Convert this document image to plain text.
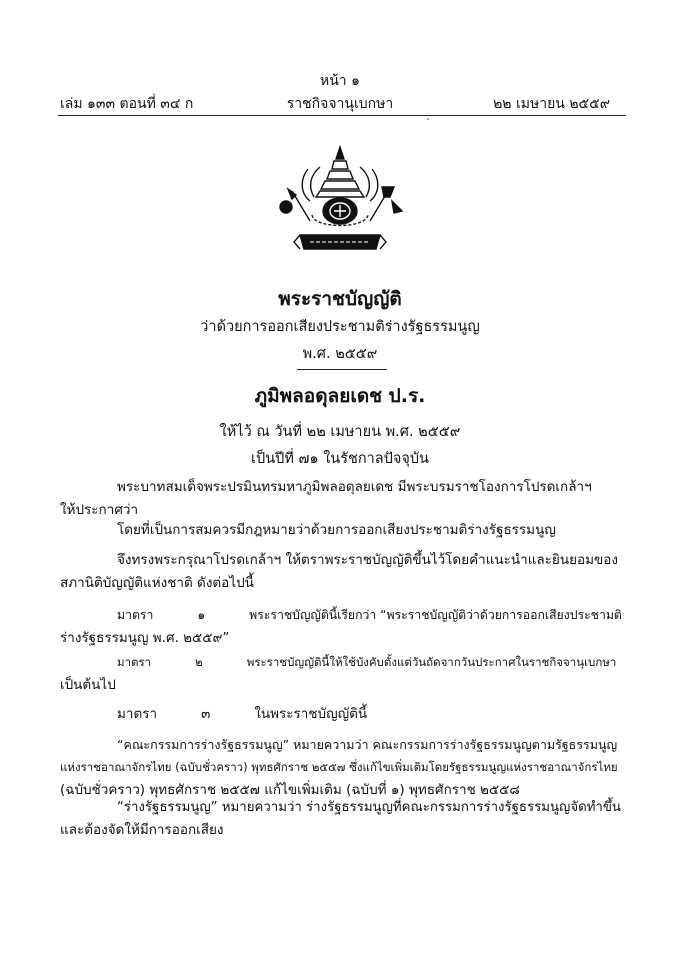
หน้า ๑
เล่ม ๑๓๓ ตอนที่ ๓๔ ก	ราชกิจจานุเบกษา	๒๒ เมษายน ๒๕๕๙
`
พระราชบัญญัติ
ว่าด้วยการออกเสียงประชามติร่างรัฐธรรมนูญ
พ.ศ. ๒๕๕๙
ภูมิพลอดุลยเดช ป.ร.
ให้ไว้ ณ วันที่ ๒๒ เมษายน พ.ศ. ๒๕๕๙
เป็นปีที่ ๗๑ ในรัชกาลปัจจุบัน
พระบาทสมเด็จพระปรมินทรมหาภูมิพลอดุลยเดช มีพระบรมราชโองการโปรดเกล้าฯ
ให้ประกาศว่า
โดยที่เป็นการสมควรมีกฎหมายว่าด้วยการออกเสียงประชามติร่างรัฐธรรมนูญ
จึงทรงพระกรุณาโปรดเกล้าฯ ให้ตราพระราชบัญญัติขึ้นไว้โดยคำแนะนำและยินยอมของ
สภานิติบัญญัติแห่งชาติ ดังต่อไปนี้
มาตรา	๑	พระราชบัญญัตินี้เรียกว่า “พระราชบัญญัติว่าด้วยการออกเสียงประชามติ
ร่างรัฐธรรมนูญ พ.ศ. ๒๕๕๙”
มาตรา	๒	พระราชบัญญัตินี้ให้ใช้บังคับตั้งแต่วันถัดจากวันประกาศในราชกิจจานุเบกษา
เป็นต้นไป
มาตรา	๓	ในพระราชบัญญัตินี้
“คณะกรรมการร่างรัฐธรรมนูญ” หมายความว่า คณะกรรมการร่างรัฐธรรมนูญตามรัฐธรรมนูญ
แห่งราชอาณาจักรไทย (ฉบับชั่วคราว) พุทธศักราช ๒๕๕๗ ซึ่งแก้ไขเพิ่มเติมโดยรัฐธรรมนูญแห่งราชอาณาจักรไทย
(ฉบับชั่วคราว) พุทธศักราช ๒๕๕๗ แก้ไขเพิ่มเติม (ฉบับที่ ๑) พุทธศักราช ๒๕๕๘
“ร่างรัฐธรรมนูญ” หมายความว่า ร่างรัฐธรรมนูญที่คณะกรรมการร่างรัฐธรรมนูญจัดทำขึ้น
และต้องจัดให้มีการออกเสียง
